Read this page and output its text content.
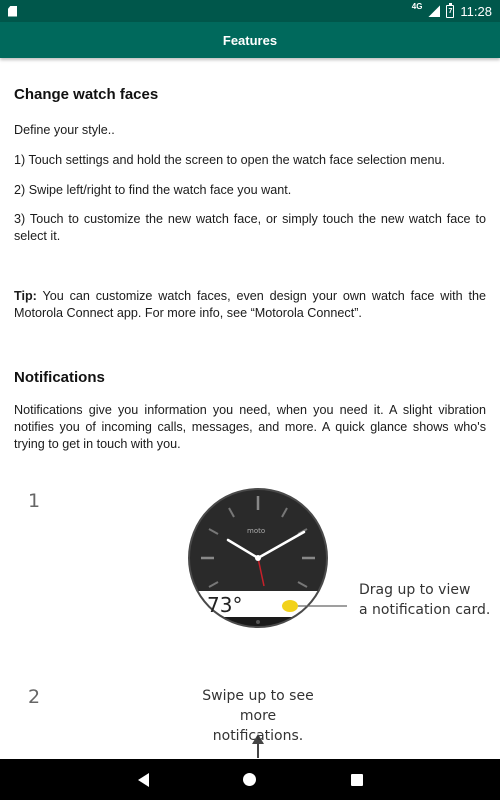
4G
7 11:28
Features
Change watch faces
Define your style..
1) Touch settings and hold the screen to open the watch face selection menu.
2) Swipe left/right to find the watch face you want.
3) Touch to customize the new watch face, or simply touch the new watch face to select it.
Tip: You can customize watch faces, even design your own watch face with the Motorola Connect app. For more info, see “Motorola Connect”.
Notifications
Notifications give you information you need, when you need it. A slight vibration notifies you of incoming calls, messages, and more. A quick glance shows who's trying to get in touch with you.
1
moto
73°
Drag up to view
a notification card.
2	Swipe up to see
more notifications.
